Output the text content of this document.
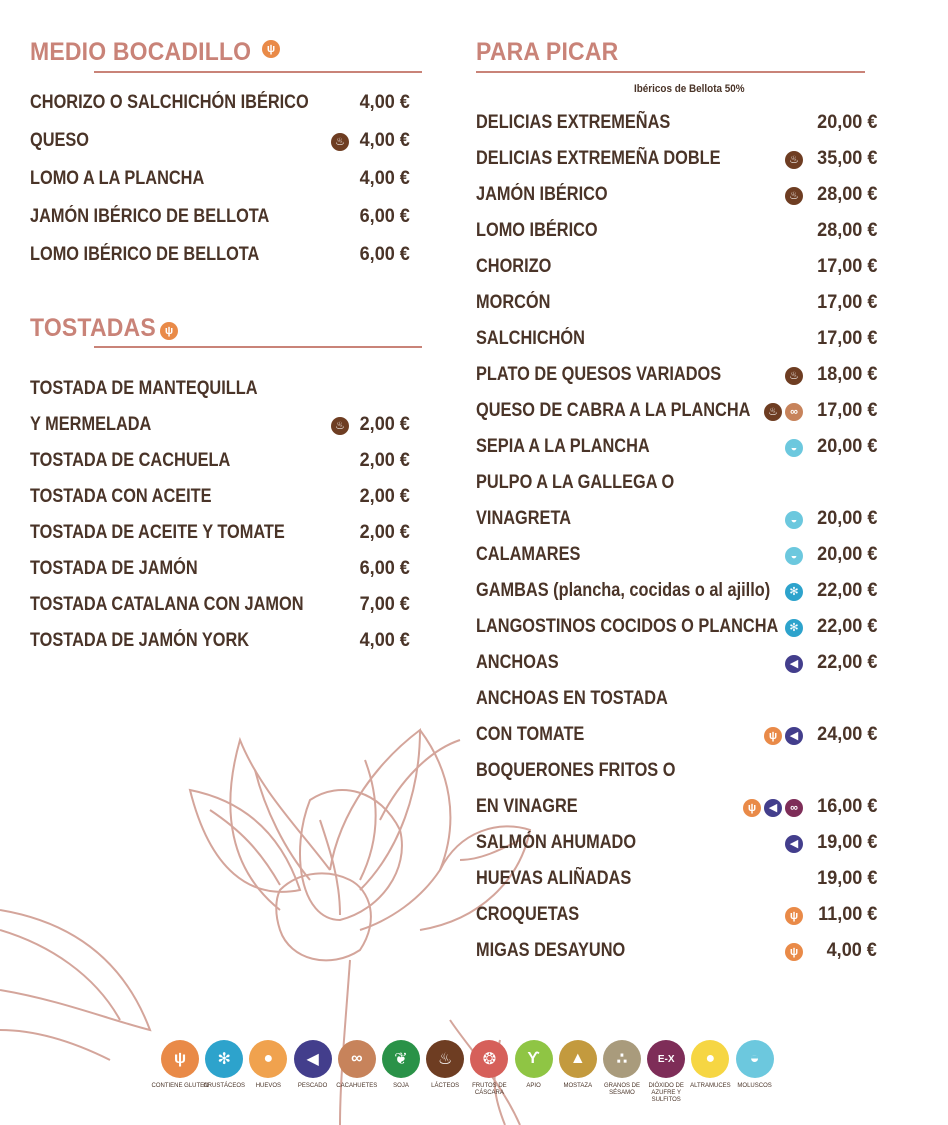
MEDIO BOCADILLO	ψ
CHORIZO O SALCHICHÓN IBÉRICO	4,00 €
QUESO	4,00 €
♨
LOMO A LA PLANCHA	4,00 €
JAMÓN IBÉRICO DE BELLOTA	6,00 €
LOMO IBÉRICO DE BELLOTA	6,00 €
TOSTADAS ψ
TOSTADA DE MANTEQUILLA
Y MERMELADA	2,00 €
♨
TOSTADA DE CACHUELA	2,00 €
TOSTADA CON ACEITE	2,00 €
TOSTADA DE ACEITE Y TOMATE	2,00 €
TOSTADA DE JAMÓN	6,00 €
TOSTADA CATALANA CON JAMON	7,00 €
TOSTADA DE JAMÓN YORK	4,00 €
PARA PICAR
Ibéricos de Bellota 50%
DELICIAS EXTREMEÑAS	20,00 €
DELICIAS EXTREMEÑA DOBLE	35,00 €
♨
JAMÓN IBÉRICO	28,00 €
♨
LOMO IBÉRICO	28,00 €
CHORIZO	17,00 €
MORCÓN	17,00 €
SALCHICHÓN	17,00 €
PLATO DE QUESOS VARIADOS	18,00 €
♨
QUESO DE CABRA A LA PLANCHA	17,00 €
♨	∞
SEPIA A LA PLANCHA	20,00 €
◒
PULPO A LA GALLEGA O
VINAGRETA	20,00 €
◒
CALAMARES	20,00 €
◒
GAMBAS (plancha, cocidas o al ajillo) 22,00 €
✻
LANGOSTINOS COCIDOS O PLANCHA 22,00 €
✻
ANCHOAS	22,00 €
◀
ANCHOAS EN TOSTADA
CON TOMATE	24,00 €
ψ	◀
BOQUERONES FRITOS O
EN VINAGRE	16,00 €
ψ	◀	∞
SALMÓN AHUMADO	19,00 €
◀
HUEVAS ALIÑADAS	19,00 €
CROQUETAS	11,00 €
ψ
MIGAS DESAYUNO	4,00 €
ψ
ψ
CONTIENE GLUTEN
✻
CRUSTÁCEOS
●
HUEVOS
◀
PESCADO
∞
CACAHUETES
❦
SOJA
♨
LÁCTEOS
❂
FRUTOS DE CÁSCARA
ϒ
APIO
▲
MOSTAZA
∴
GRANOS DE SÉSAMO
E-X
DIÓXIDO DE AZUFRE Y SULFITOS
●
ALTRAMUCES
◒
MOLUSCOS
